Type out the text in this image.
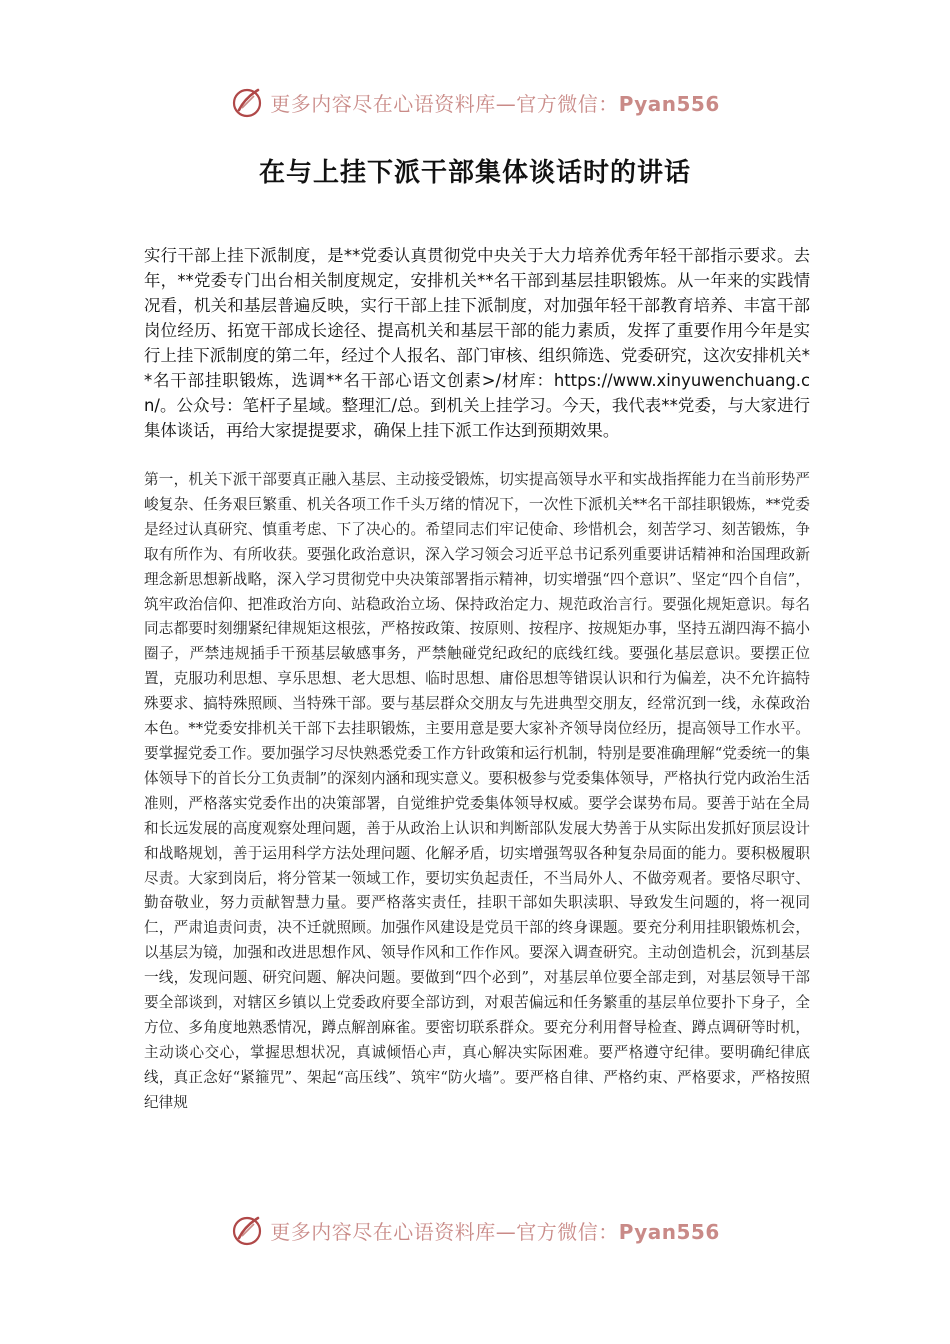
更多内容尽在心语资料库—官方微信：Pyan556
在与上挂下派干部集体谈话时的讲话
实行干部上挂下派制度，是**党委认真贯彻党中央关于大力培养优秀年轻干部指示要求。去年，**党委专门出台相关制度规定，安排机关**名干部到基层挂职锻炼。从一年来的实践情况看，机关和基层普遍反映，实行干部上挂下派制度，对加强年轻干部教育培养、丰富干部岗位经历、拓宽干部成长途径、提高机关和基层干部的能力素质，发挥了重要作用今年是实行上挂下派制度的第二年，经过个人报名、部门审核、组织筛选、党委研究，这次安排机关**名干部挂职锻炼，选调**名干部心语文创素>/材库：https://www.xinyuwenchuang.cn/。公众号：笔杆子星域。整理汇/总。到机关上挂学习。今天，我代表**党委，与大家进行集体谈话，再给大家提提要求，确保上挂下派工作达到预期效果。

第一，机关下派干部要真正融入基层、主动接受锻炼，切实提高领导水平和实战指挥能力在当前形势严峻复杂、任务艰巨繁重、机关各项工作千头万绪的情况下，一次性下派机关**名干部挂职锻炼，**党委是经过认真研究、慎重考虑、下了决心的。希望同志们牢记使命、珍惜机会，刻苦学习、刻苦锻炼，争取有所作为、有所收获。要强化政治意识，深入学习领会习近平总书记系列重要讲话精神和治国理政新理念新思想新战略，深入学习贯彻党中央决策部署指示精神，切实增强“四个意识”、坚定“四个自信”，筑牢政治信仰、把准政治方向、站稳政治立场、保持政治定力、规范政治言行。要强化规矩意识。每名同志都要时刻绷紧纪律规矩这根弦，严格按政策、按原则、按程序、按规矩办事，坚持五湖四海不搞小圈子，严禁违规插手干预基层敏感事务，严禁触碰党纪政纪的底线红线。要强化基层意识。要摆正位置，克服功利思想、享乐思想、老大思想、临时思想、庸俗思想等错误认识和行为偏差，决不允许搞特殊要求、搞特殊照顾、当特殊干部。要与基层群众交朋友与先进典型交朋友，经常沉到一线，永葆政治本色。**党委安排机关干部下去挂职锻炼，主要用意是要大家补齐领导岗位经历，提高领导工作水平。要掌握党委工作。要加强学习尽快熟悉党委工作方针政策和运行机制，特别是要准确理解“党委统一的集体领导下的首长分工负责制”的深刻内涵和现实意义。要积极参与党委集体领导，严格执行党内政治生活准则，严格落实党委作出的决策部署，自觉维护党委集体领导权威。要学会谋势布局。要善于站在全局和长远发展的高度观察处理问题，善于从政治上认识和判断部队发展大势善于从实际出发抓好顶层设计和战略规划，善于运用科学方法处理问题、化解矛盾，切实增强驾驭各种复杂局面的能力。要积极履职尽责。大家到岗后，将分管某一领域工作，要切实负起责任，不当局外人、不做旁观者。要恪尽职守、勤奋敬业，努力贡献智慧力量。要严格落实责任，挂职干部如失职渎职、导致发生问题的，将一视同仁，严肃追责问责，决不迁就照顾。加强作风建设是党员干部的终身课题。要充分利用挂职锻炼机会，以基层为镜，加强和改进思想作风、领导作风和工作作风。要深入调查研究。主动创造机会，沉到基层一线，发现问题、研究问题、解决问题。要做到“四个必到”，对基层单位要全部走到，对基层领导干部要全部谈到，对辖区乡镇以上党委政府要全部访到，对艰苦偏远和任务繁重的基层单位要扑下身子，全方位、多角度地熟悉情况，蹲点解剖麻雀。要密切联系群众。要充分利用督导检查、蹲点调研等时机，主动谈心交心，掌握思想状况，真诚倾悟心声，真心解决实际困难。要严格遵守纪律。要明确纪律底线，真正念好“紧箍咒”、架起“高压线”、筑牢“防火墙”。要严格自律、严格约束、严格要求，严格按照纪律规

更多内容尽在心语资料库—官方微信：Pyan556
